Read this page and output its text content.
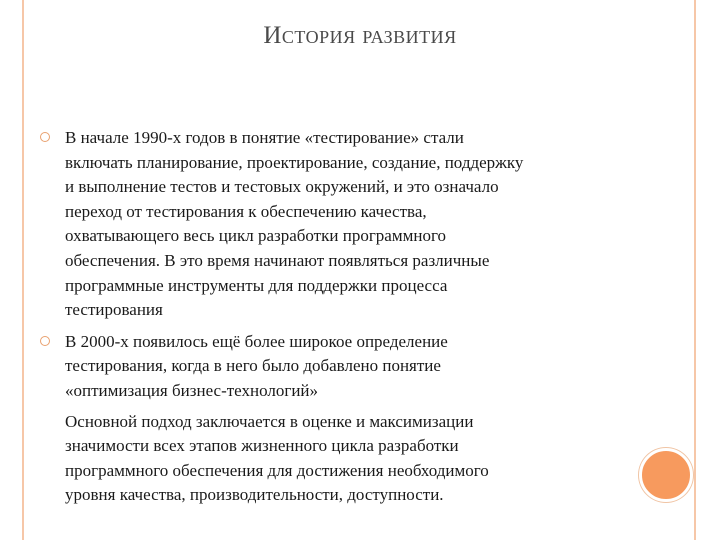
История развития
В начале 1990-х годов в понятие «тестирование» стали
включать планирование, проектирование, создание, поддержку
и выполнение тестов и тестовых окружений, и это означало
переход от тестирования к обеспечению качества,
охватывающего весь цикл разработки программного
обеспечения. В это время начинают появляться различные
программные инструменты для поддержки процесса
тестирования
В 2000-х появилось ещё более широкое определение
тестирования, когда в него было добавлено понятие
«оптимизация бизнес-технологий»
Основной подход заключается в оценке и максимизации
значимости всех этапов жизненного цикла разработки
программного обеспечения для достижения необходимого
уровня качества, производительности, доступности.
